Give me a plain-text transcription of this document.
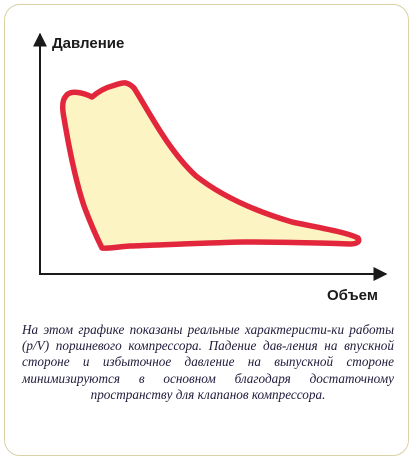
Давление
Объем
На этом графике показаны реальные характеристи-ки работы (p/V) поршневого компрессора. Падение дав-ления на впускной стороне и избыточное давление на выпускной стороне минимизируются в основном благодаря достаточному пространству для клапанов компрессора.
